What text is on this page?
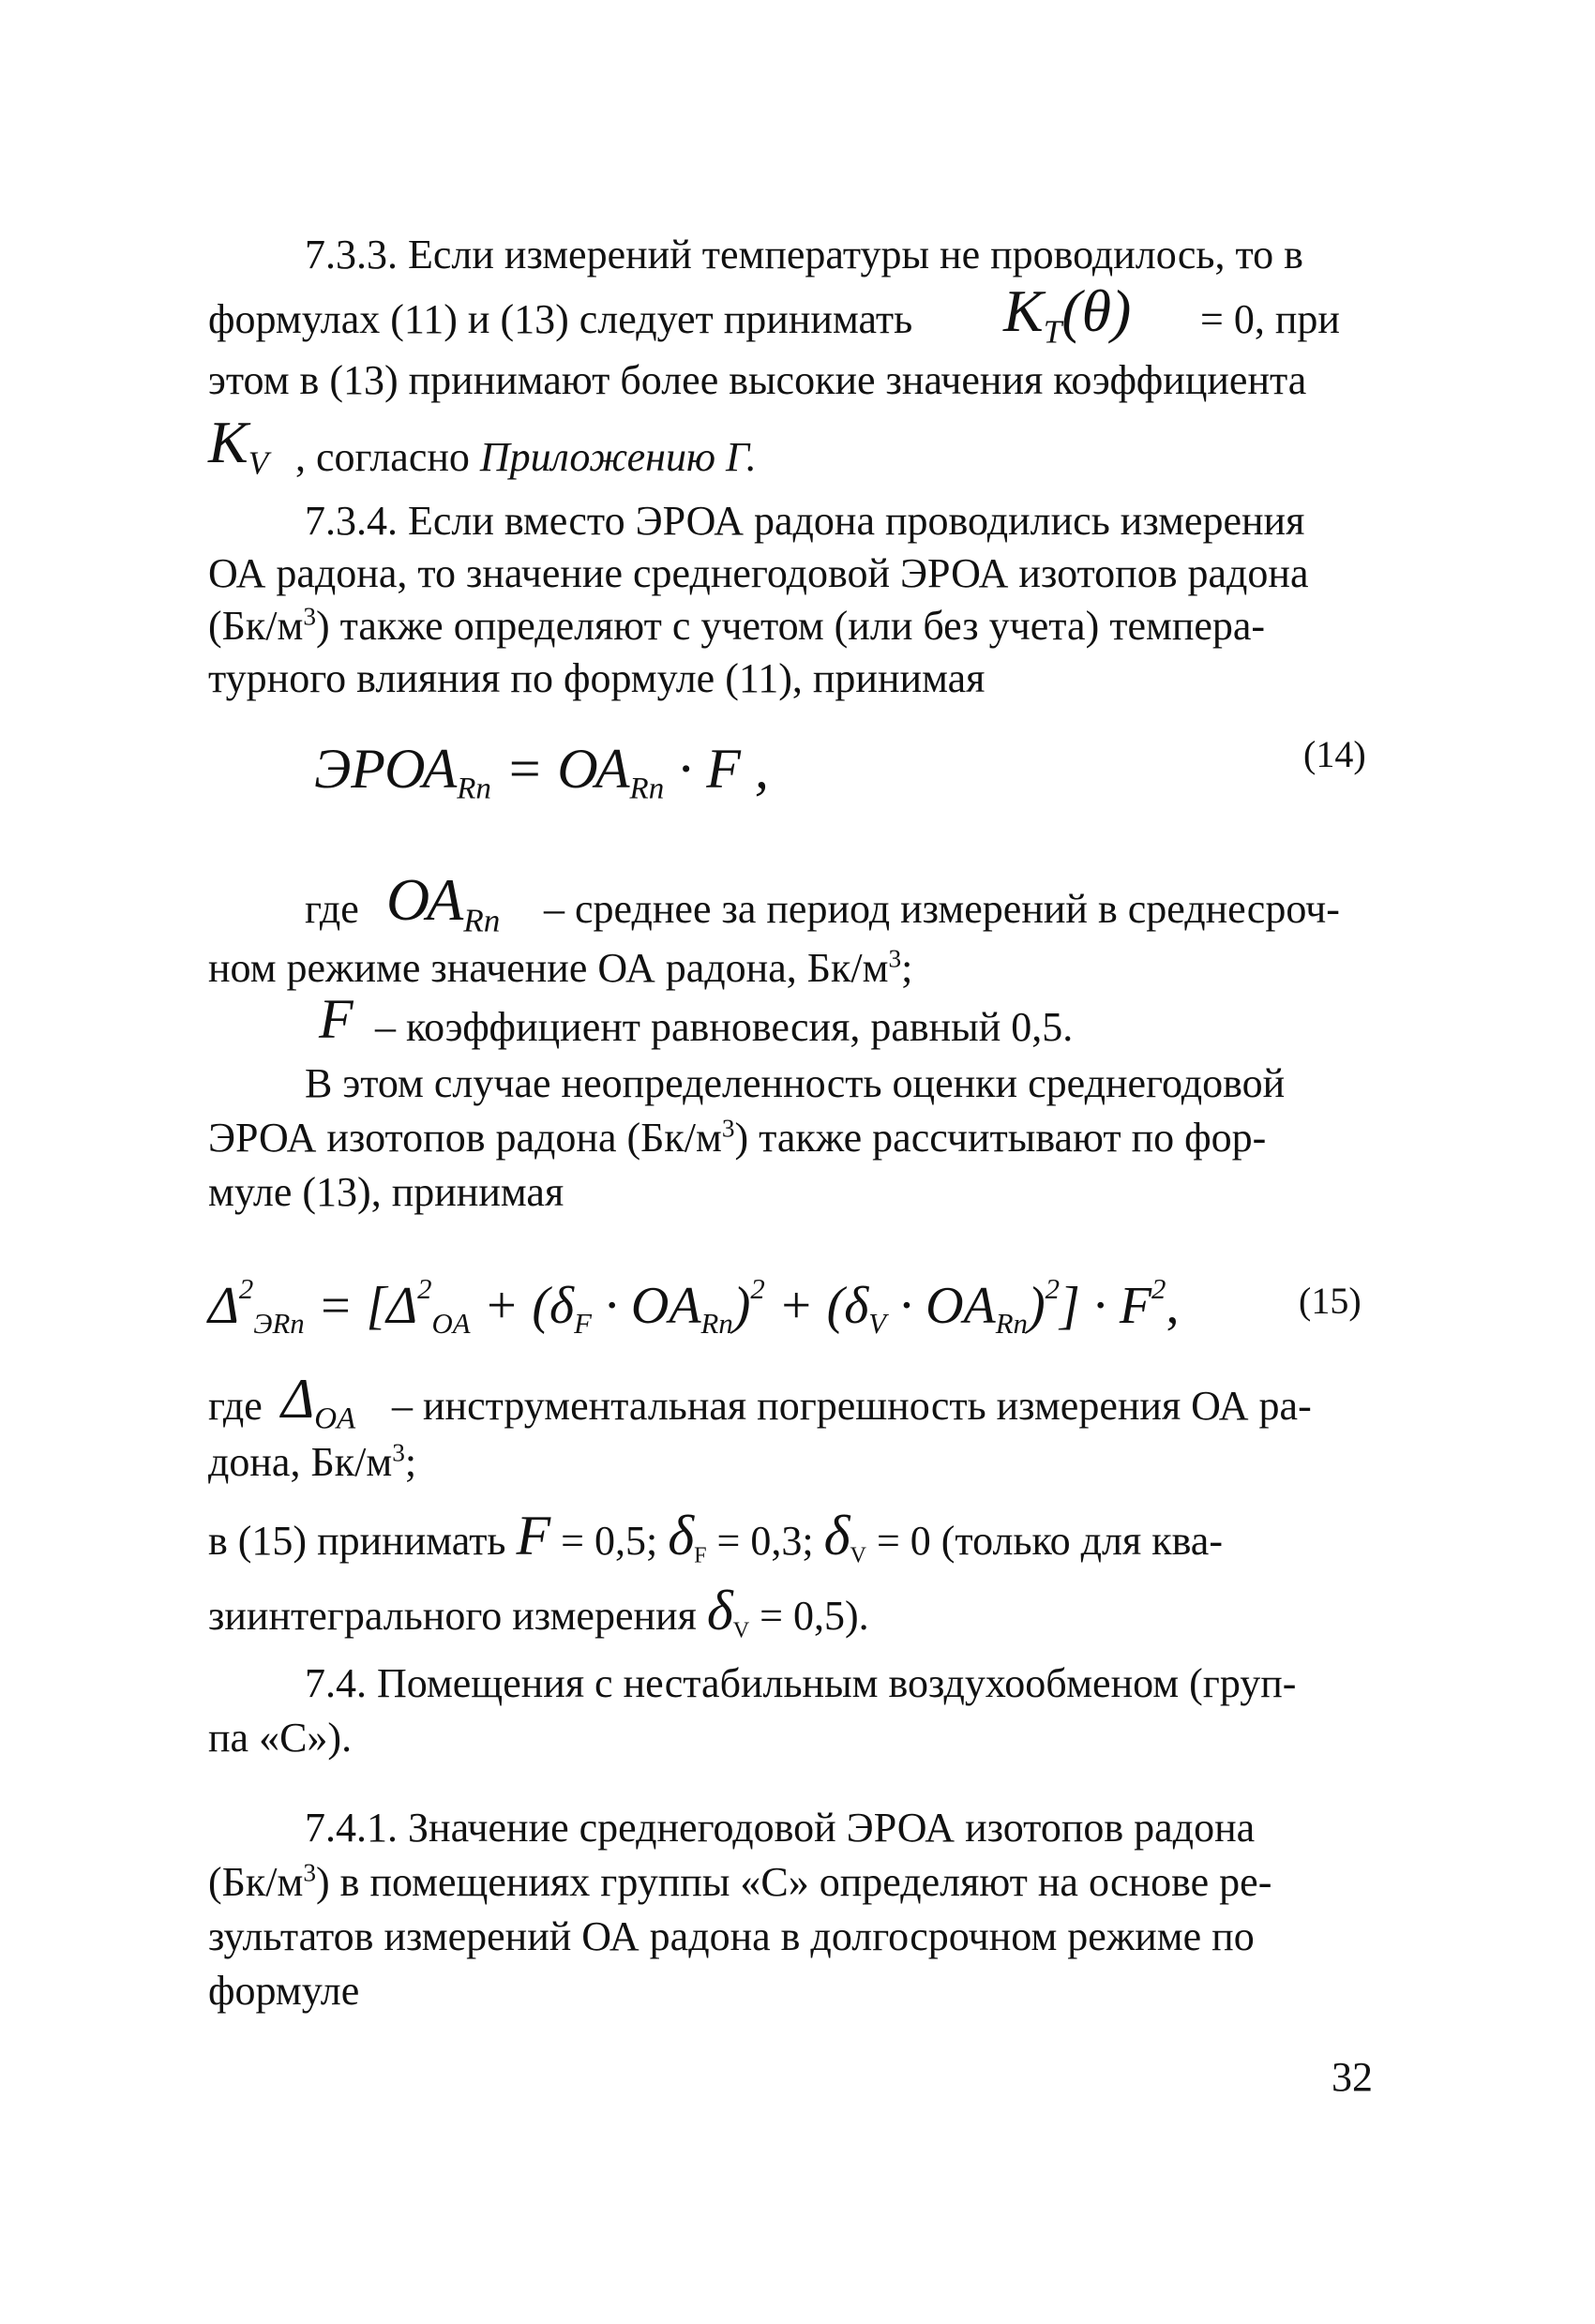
7.3.3. Если измерений температуры не проводилось, то в
формулах (11) и (13) следует принимать KT(θ) = 0, при
этом в (13) принимают более высокие значения коэффициента
KV , согласно Приложению Г.
7.3.4. Если вместо ЭРОА радона проводились измерения
ОА радона, то значение среднегодовой ЭРОА изотопов радона
$(Бк/м^3)$ также определяют с учетом (или без учета) темпера-
турного влияния по формуле (11), принимая
ЭРОАRn = ОАRn · F ,	(14)
где ОАRn – среднее за период измерений в среднесроч-
ном режиме значение ОА радона, $Бк/м^3$;
F – коэффициент равновесия, равный 0,5.
В этом случае неопределенность оценки среднегодовой
ЭРОА изотопов радона $(Бк/м^3)$ также рассчитывают по фор-
муле (13), принимая
$\Delta^2ЭRn = [\Delta^2OA + (\delta F$ · OARn)$^2$ + (δV · OARn)$^2$] · $F^2$,	(15)
где ΔOA – инструментальная погрешность измерения ОА ра-
дона, $Бк/м^3$;
в (15) принимать F = 0,5; δF = 0,3; δV = 0 (только для ква-
зиинтегрального измерения δV = 0,5).
7.4. Помещения с нестабильным воздухообменом (груп-
па «С»).
7.4.1. Значение среднегодовой ЭРОА изотопов радона
$(Бк/м^3)$ в помещениях группы «С» определяют на основе ре-
зультатов измерений ОА радона в долгосрочном режиме по
формуле
32
